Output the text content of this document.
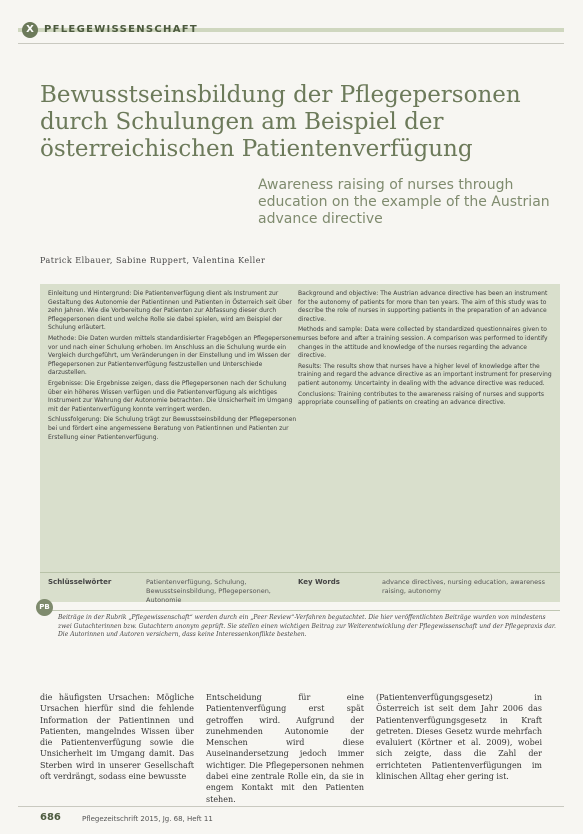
X	PFLEGEWISSENSCHAFT
Bewusstseinsbildung der Pflegepersonen durch Schulungen am Beispiel der österreichischen Patientenverfügung
Awareness raising of nurses through education on the example of the Austrian advance directive
Patrick Elbauer, Sabine Ruppert, Valentina Keller

Einleitung und Hintergrund: Die Patientenverfügung dient als Instrument zur Gestaltung des Autonomie der Patientinnen und Patienten in Österreich seit über zehn Jahren. Wie die Vorbereitung der Patienten zur Abfassung dieser durch Pflegepersonen dient und welche Rolle sie dabei spielen, wird am Beispiel der Schulung erläutert.

Methode: Die Daten wurden mittels standardisierter Fragebögen an Pflegepersonen vor und nach einer Schulung erhoben. Im Anschluss an die Schulung wurde ein Vergleich durchgeführt, um Veränderungen in der Einstellung und im Wissen der Pflegepersonen zur Patientenverfügung festzustellen und Unterschiede darzustellen.

Ergebnisse: Die Ergebnisse zeigen, dass die Pflegepersonen nach der Schulung über ein höheres Wissen verfügen und die Patientenverfügung als wichtiges Instrument zur Wahrung der Autonomie betrachten. Die Unsicherheit im Umgang mit der Patientenverfügung konnte verringert werden.

Schlussfolgerung: Die Schulung trägt zur Bewusstseinsbildung der Pflegepersonen bei und fördert eine angemessene Beratung von Patientinnen und Patienten zur Erstellung einer Patientenverfügung.

Background and objective: The Austrian advance directive has been an instrument for the autonomy of patients for more than ten years. The aim of this study was to describe the role of nurses in supporting patients in the preparation of an advance directive.

Methods and sample: Data were collected by standardized questionnaires given to nurses before and after a training session. A comparison was performed to identify changes in the attitude and knowledge of the nurses regarding the advance directive.

Results: The results show that nurses have a higher level of knowledge after the training and regard the advance directive as an important instrument for preserving patient autonomy. Uncertainty in dealing with the advance directive was reduced.

Conclusions: Training contributes to the awareness raising of nurses and supports appropriate counselling of patients on creating an advance directive.

Schlüsselwörter	Patientenverfügung, Schulung, Bewusstseinsbildung, Pflegepersonen, Autonomie
Key Words	advance directives, nursing education, awareness raising, autonomy
PB
Beiträge in der Rubrik „Pflegewissenschaft“ werden durch ein „Peer Review“-Verfahren begutachtet. Die hier veröffentlichten Beiträge wurden von mindestens zwei Gutachterinnen bzw. Gutachtern anonym geprüft. Sie stellen einen wichtigen Beitrag zur Weiterentwicklung der Pflegewissenschaft und der Pflegepraxis dar. Die Autorinnen und Autoren versichern, dass keine Interessenkonflikte bestehen.
die häufigsten Ursachen: Mögliche Ursachen hierfür sind die fehlende Information der Patientinnen und Patienten, mangelndes Wissen über die Patientenverfügung sowie die Unsicherheit im Umgang damit. Das Sterben wird in unserer Gesellschaft oft verdrängt, sodass eine bewusste
Entscheidung für eine Patientenverfügung erst spät getroffen wird. Aufgrund der zunehmenden Autonomie der Menschen wird diese Auseinandersetzung jedoch immer wichtiger. Die Pflegepersonen nehmen dabei eine zentrale Rolle ein, da sie in engem Kontakt mit den Patienten stehen.
(Patientenverfügungsgesetz) in Österreich ist seit dem Jahr 2006 das Patientenverfügungsgesetz in Kraft getreten. Dieses Gesetz wurde mehrfach evaluiert (Körtner et al. 2009), wobei sich zeigte, dass die Zahl der errichteten Patientenverfügungen im klinischen Alltag eher gering ist.
686	Pflegezeitschrift 2015, Jg. 68, Heft 11
